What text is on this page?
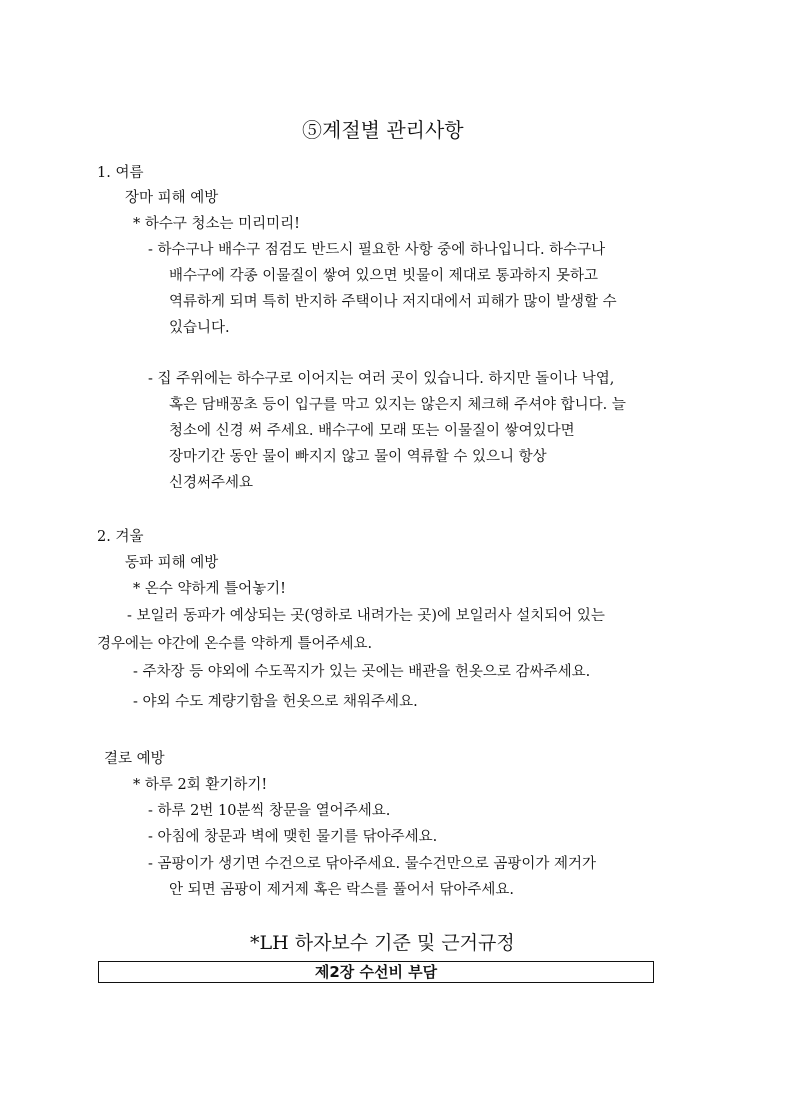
⑤계절별 관리사항
1. 여름
장마 피해 예방
* 하수구 청소는 미리미리!
- 하수구나 배수구 점검도 반드시 필요한 사항 중에 하나입니다. 하수구나
배수구에 각종 이물질이 쌓여 있으면 빗물이 제대로 통과하지 못하고
역류하게 되며 특히 반지하 주택이나 저지대에서 피해가 많이 발생할 수
있습니다.
- 집 주위에는 하수구로 이어지는 여러 곳이 있습니다. 하지만 돌이나 낙엽,
혹은 담배꽁초 등이 입구를 막고 있지는 않은지 체크해 주셔야 합니다. 늘
청소에 신경 써 주세요. 배수구에 모래 또는 이물질이 쌓여있다면
장마기간 동안 물이 빠지지 않고 물이 역류할 수 있으니 항상
신경써주세요
2. 겨울
동파 피해 예방
* 온수 약하게 틀어놓기!
- 보일러 동파가 예상되는 곳(영하로 내려가는 곳)에 보일러사 설치되어 있는
경우에는 야간에 온수를 약하게 틀어주세요.
- 주차장 등 야외에 수도꼭지가 있는 곳에는 배관을 헌옷으로 감싸주세요.
- 야외 수도 계량기함을 헌옷으로 채워주세요.
결로 예방
* 하루 2회 환기하기!
- 하루 2번 10분씩 창문을 열어주세요.
- 아침에 창문과 벽에 맺힌 물기를 닦아주세요.
- 곰팡이가 생기면 수건으로 닦아주세요. 물수건만으로 곰팡이가 제거가
안 되면 곰팡이 제거제 혹은 락스를 풀어서 닦아주세요.
*LH 하자보수 기준 및 근거규정
제2장 수선비 부담
